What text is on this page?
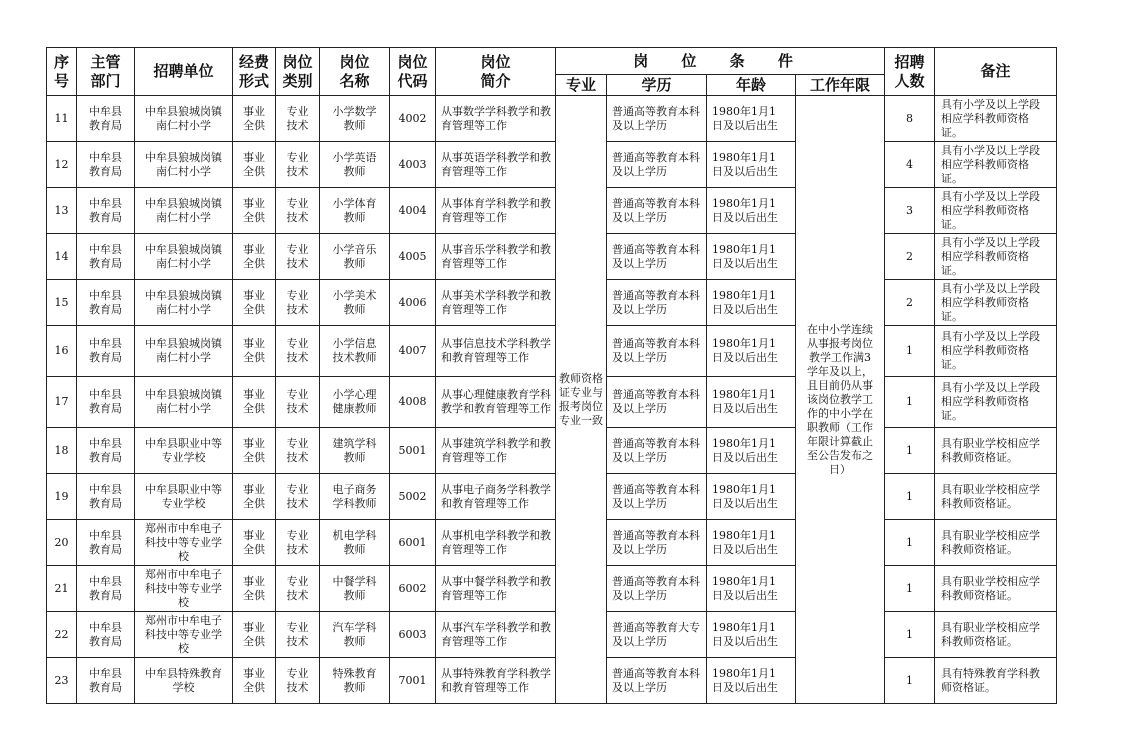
序号	主管部门	招聘单位	经费形式	岗位类别	岗位名称	岗位代码	岗位简介	岗 位 条 件				招聘人数	备注
								专业	学历	年龄	工作年限		
11	中牟县教育局	中牟县狼城岗镇南仁村小学	事业全供	专业技术	小学数学教师	4002	从事数学学科教学和教育管理等工作	教师资格证专业与报考岗位专业一致	普通高等教育本科及以上学历	1980年1月1日及以后出生	在中小学连续从事报考岗位教学工作满3学年及以上，且目前仍从事该岗位教学工作的中小学在职教师（工作年限计算截止至公告发布之日）	8	具有小学及以上学段相应学科教师资格证。
12	中牟县教育局	中牟县狼城岗镇南仁村小学	事业全供	专业技术	小学英语教师	4003	从事英语学科教学和教育管理等工作		普通高等教育本科及以上学历	1980年1月1日及以后出生		4	具有小学及以上学段相应学科教师资格证。
13	中牟县教育局	中牟县狼城岗镇南仁村小学	事业全供	专业技术	小学体育教师	4004	从事体育学科教学和教育管理等工作		普通高等教育本科及以上学历	1980年1月1日及以后出生		3	具有小学及以上学段相应学科教师资格证。
14	中牟县教育局	中牟县狼城岗镇南仁村小学	事业全供	专业技术	小学音乐教师	4005	从事音乐学科教学和教育管理等工作		普通高等教育本科及以上学历	1980年1月1日及以后出生		2	具有小学及以上学段相应学科教师资格证。
15	中牟县教育局	中牟县狼城岗镇南仁村小学	事业全供	专业技术	小学美术教师	4006	从事美术学科教学和教育管理等工作		普通高等教育本科及以上学历	1980年1月1日及以后出生		2	具有小学及以上学段相应学科教师资格证。
16	中牟县教育局	中牟县狼城岗镇南仁村小学	事业全供	专业技术	小学信息技术教师	4007	从事信息技术学科教学和教育管理等工作		普通高等教育本科及以上学历	1980年1月1日及以后出生		1	具有小学及以上学段相应学科教师资格证。
17	中牟县教育局	中牟县狼城岗镇南仁村小学	事业全供	专业技术	小学心理健康教师	4008	从事心理健康教育学科教学和教育管理等工作		普通高等教育本科及以上学历	1980年1月1日及以后出生		1	具有小学及以上学段相应学科教师资格证。
18	中牟县教育局	中牟县职业中等专业学校	事业全供	专业技术	建筑学科教师	5001	从事建筑学科教学和教育管理等工作		普通高等教育本科及以上学历	1980年1月1日及以后出生		1	具有职业学校相应学科教师资格证。
19	中牟县教育局	中牟县职业中等专业学校	事业全供	专业技术	电子商务学科教师	5002	从事电子商务学科教学和教育管理等工作		普通高等教育本科及以上学历	1980年1月1日及以后出生		1	具有职业学校相应学科教师资格证。
20	中牟县教育局	郑州市中牟电子科技中等专业学校	事业全供	专业技术	机电学科教师	6001	从事机电学科教学和教育管理等工作		普通高等教育本科及以上学历	1980年1月1日及以后出生		1	具有职业学校相应学科教师资格证。
21	中牟县教育局	郑州市中牟电子科技中等专业学校	事业全供	专业技术	中餐学科教师	6002	从事中餐学科教学和教育管理等工作		普通高等教育本科及以上学历	1980年1月1日及以后出生		1	具有职业学校相应学科教师资格证。
22	中牟县教育局	郑州市中牟电子科技中等专业学校	事业全供	专业技术	汽车学科教师	6003	从事汽车学科教学和教育管理等工作		普通高等教育大专及以上学历	1980年1月1日及以后出生		1	具有职业学校相应学科教师资格证。
23	中牟县教育局	中牟县特殊教育学校	事业全供	专业技术	特殊教育教师	7001	从事特殊教育学科教学和教育管理等工作		普通高等教育本科及以上学历	1980年1月1日及以后出生		1	具有特殊教育学科教师资格证。
